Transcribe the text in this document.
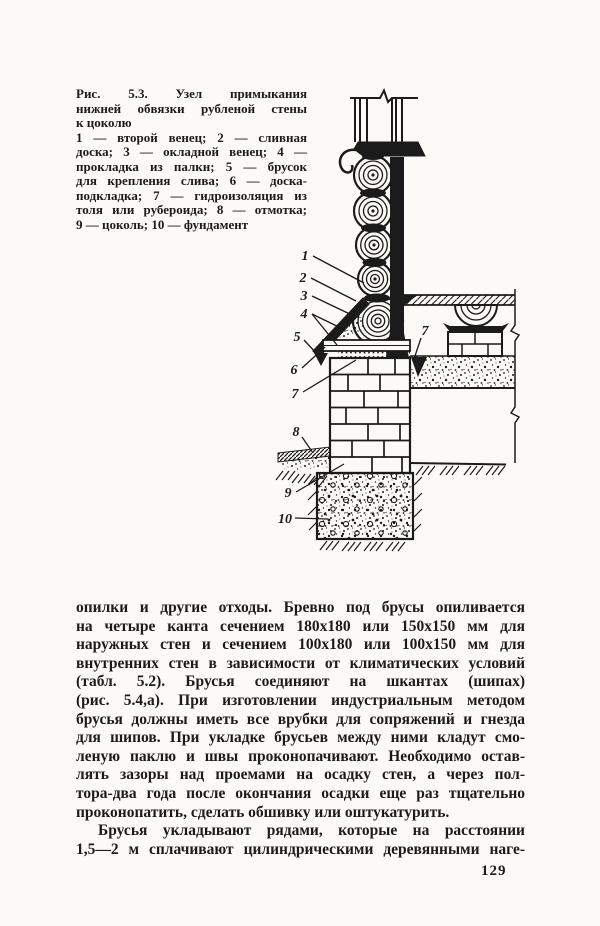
Рис. 5.3. Узел примыкания
нижней обвязки рубленой стены
к цоколю
1 — второй венец; 2 — сливная
доска; 3 — окладной венец; 4 —
прокладка из палкн; 5 — брусок
для крепления слива; 6 — доска-
подкладка; 7 — гидроизоляция из
толя или рубероида; 8 — отмотка;
9 — цоколь; 10 — фундамент
1
2
3
4
5
6
7
7
8
9
10
опилки и другие отходы. Бревно под брусы опиливается
на четыре канта сечением 180x180 или 150x150 мм для
наружных стен и сечением 100x180 или 100x150 мм для
внутренних стен в зависимости от климатических условий
(табл. 5.2). Брусья соединяют на шкантах (шипах)
(рис. 5.4,а). При изготовлении индустриальным методом
брусья должны иметь все врубки для сопряжений и гнезда
для шипов. При укладке брусьев между ними кладут смо-
леную паклю и швы проконопачивают. Необходимо остав-
лять зазоры над проемами на осадку стен, а через пол-
тора-два года после окончания осадки еще раз тщательно
проконопатить, сделать обшивку или оштукатурить.
Брусья укладывают рядами, которые на расстоянии
1,5—2 м сплачивают цилиндрическими деревянными наге-
129
